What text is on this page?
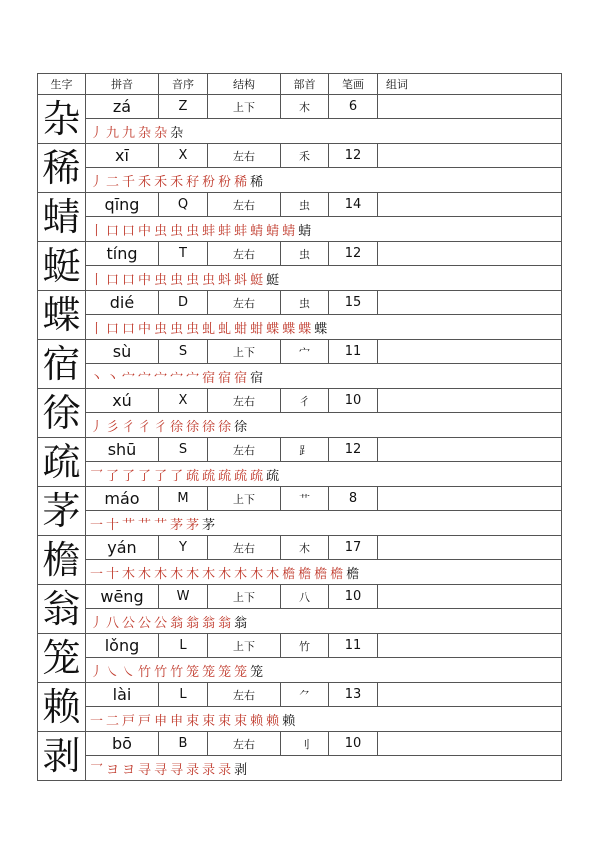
生字	拼音	音序	结构	部首	笔画	组词
杂	zá	Z	上下	木	6	
	丿 九 九 杂 杂 杂					
稀	xī	X	左右	禾	12	
	丿 二 千 禾 禾 禾 秄 秎 秎 稀 稀					
蜻	qīng	Q	左右	虫	14	
	丨 口 口 中 虫 虫 虫 蚌 蚌 蚌 蜻 蜻 蜻 蜻					
蜓	tíng	T	左右	虫	12	
	丨 口 口 中 虫 虫 虫 虫 蚪 蚪 蜓 蜓					
蝶	dié	D	左右	虫	15	
	丨 口 口 中 虫 虫 虫 虬 虬 蚶 蚶 蝶 蝶 蝶 蝶					
宿	sù	S	上下	宀	11	
	丶 丶 宀 宀 宀 宀 宀 宿 宿 宿 宿					
徐	xú	X	左右	彳	10	
	丿 彡 彳 彳 彳 徐 徐 徐 徐 徐					
疏	shū	S	左右	⻊	12	
	乛 了 了 了 了 了 疏 疏 疏 疏 疏 疏					
茅	máo	M	上下	艹	8	
	一 十 艹 艹 艹 茅 茅 茅					
檐	yán	Y	左右	木	17	
	一 十 木 木 木 木 木 木 木 木 木 木 檐 檐 檐 檐 檐					
翁	wēng	W	上下	八	10	
	丿 八 公 公 公 翁 翁 翁 翁 翁					
笼	lǒng	L	上下	竹	11	
	丿 ㇏ ㇏ 竹 竹 竹 笼 笼 笼 笼 笼					
赖	lài	L	左右	⺈	13	
	一 二 戸 戸 申 申 束 束 束 束 赖 赖 赖					
剥	bō	B	左右	刂	10	
	乛 ヨ ヨ 寻 寻 寻 录 录 录 剥					
